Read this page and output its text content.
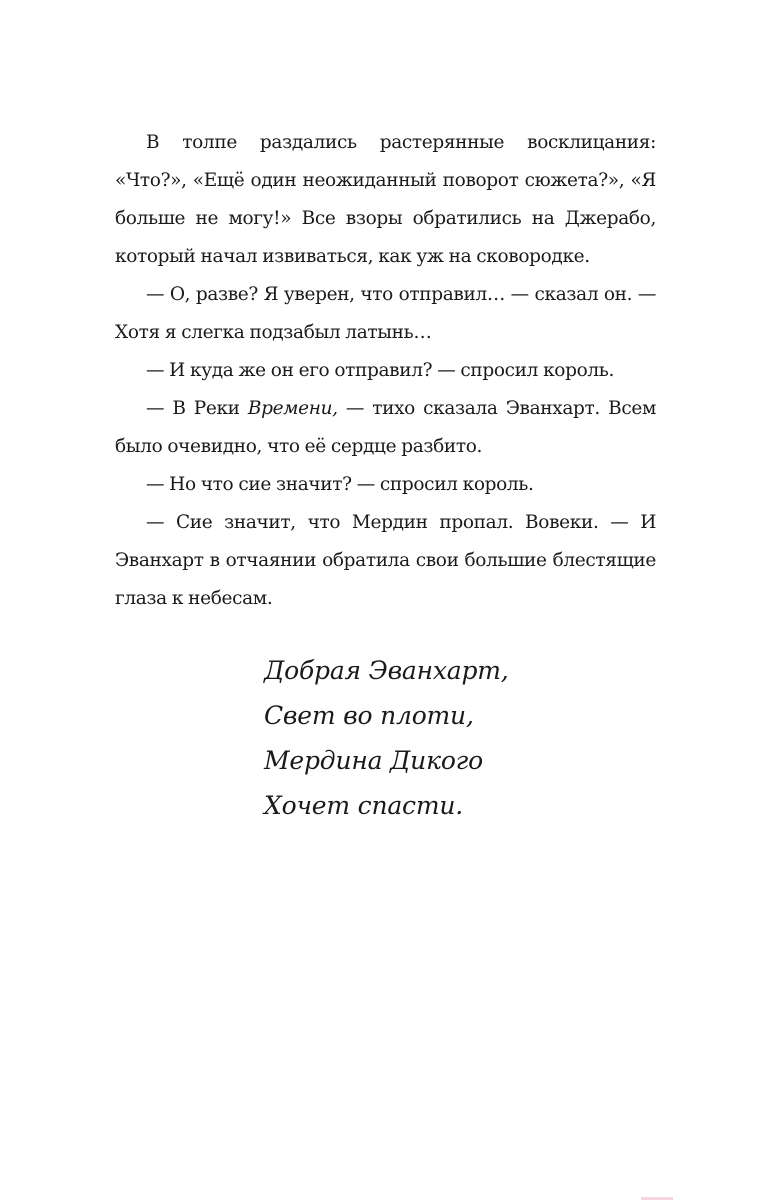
В толпе раздались растерянные восклицания: «Что?», «Ещё один неожиданный поворот сюжета?», «Я больше не могу!» Все взоры обратились на Джерабо, который начал извиваться, как уж на сковородке.

— О, разве? Я уверен, что отправил… — сказал он. — Хотя я слегка подзабыл латынь…

— И куда же он его отправил? — спросил король.

— В Реки Времени, — тихо сказала Эванхарт. Всем было очевидно, что её сердце разбито.

— Но что сие значит? — спросил король.

— Сие значит, что Мердин пропал. Вовеки. — И Эванхарт в отчаянии обратила свои большие блестящие глаза к небесам.

Добрая Эванхарт,
Свет во плоти,
Мердина Дикого
Хочет спасти.
